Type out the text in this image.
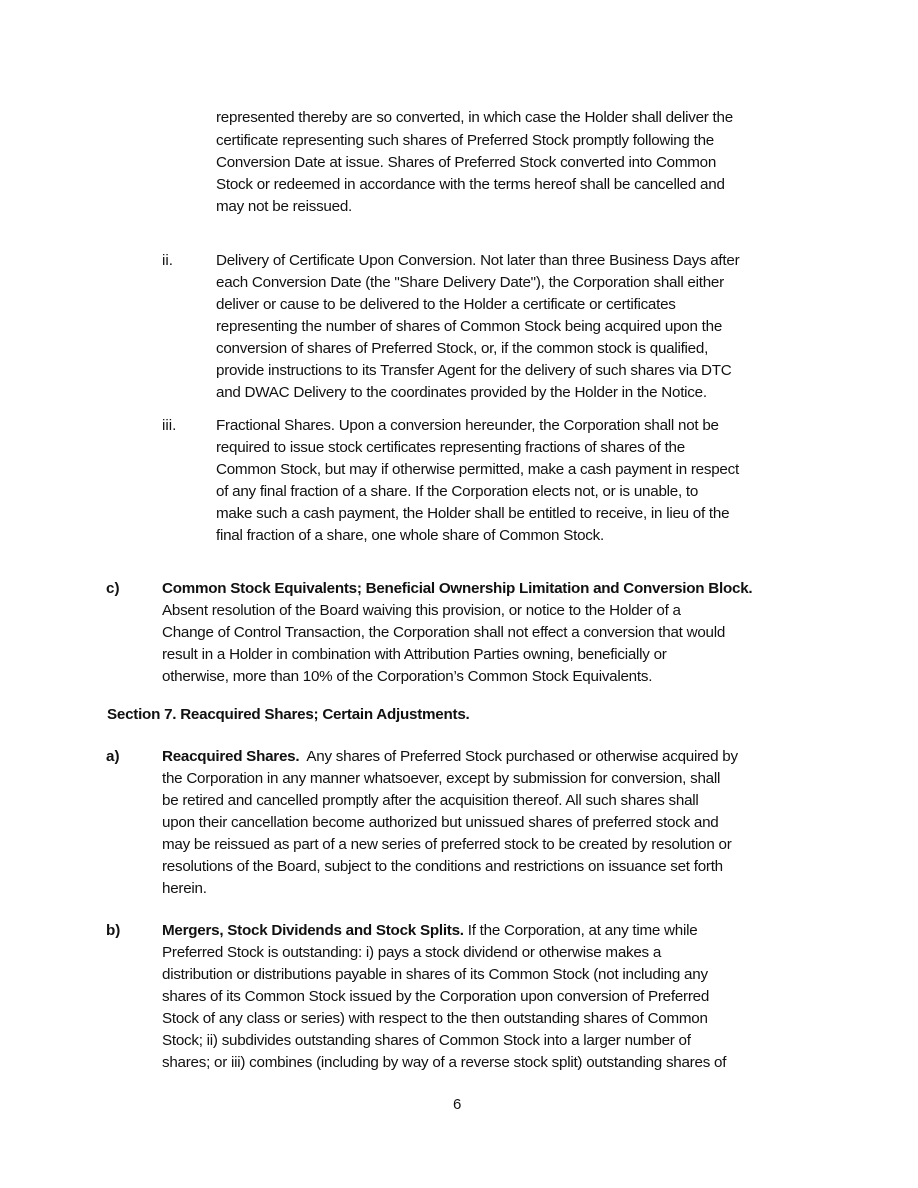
represented thereby are so converted, in which case the Holder shall deliver the
certificate representing such shares of Preferred Stock promptly following the
Conversion Date at issue. Shares of Preferred Stock converted into Common
Stock or redeemed in accordance with the terms hereof shall be cancelled and
may not be reissued.
ii.	Delivery of Certificate Upon Conversion. Not later than three Business Days after
each Conversion Date (the "Share Delivery Date"), the Corporation shall either
deliver or cause to be delivered to the Holder a certificate or certificates
representing the number of shares of Common Stock being acquired upon the
conversion of shares of Preferred Stock, or, if the common stock is qualified,
provide instructions to its Transfer Agent for the delivery of such shares via DTC
and DWAC Delivery to the coordinates provided by the Holder in the Notice.
iii.	Fractional Shares. Upon a conversion hereunder, the Corporation shall not be
required to issue stock certificates representing fractions of shares of the
Common Stock, but may if otherwise permitted, make a cash payment in respect
of any final fraction of a share. If the Corporation elects not, or is unable, to
make such a cash payment, the Holder shall be entitled to receive, in lieu of the
final fraction of a share, one whole share of Common Stock.
c)	Common Stock Equivalents; Beneficial Ownership Limitation and Conversion Block.
Absent resolution of the Board waiving this provision, or notice to the Holder of a
Change of Control Transaction, the Corporation shall not effect a conversion that would
result in a Holder in combination with Attribution Parties owning, beneficially or
otherwise, more than 10% of the Corporation’s Common Stock Equivalents.
Section 7. Reacquired Shares; Certain Adjustments.
a)	Reacquired Shares.  Any shares of Preferred Stock purchased or otherwise acquired by
the Corporation in any manner whatsoever, except by submission for conversion, shall
be retired and cancelled promptly after the acquisition thereof. All such shares shall
upon their cancellation become authorized but unissued shares of preferred stock and
may be reissued as part of a new series of preferred stock to be created by resolution or
resolutions of the Board, subject to the conditions and restrictions on issuance set forth
herein.
b)	Mergers, Stock Dividends and Stock Splits. If the Corporation, at any time while
Preferred Stock is outstanding: i) pays a stock dividend or otherwise makes a
distribution or distributions payable in shares of its Common Stock (not including any
shares of its Common Stock issued by the Corporation upon conversion of Preferred
Stock of any class or series) with respect to the then outstanding shares of Common
Stock; ii) subdivides outstanding shares of Common Stock into a larger number of
shares; or iii) combines (including by way of a reverse stock split) outstanding shares of
6
